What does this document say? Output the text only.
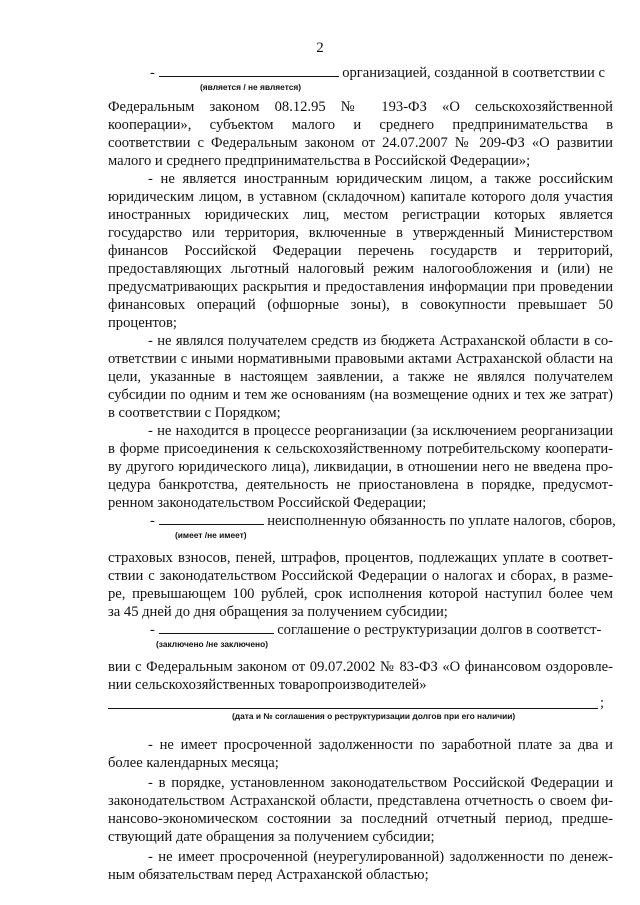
2
-	организацией, созданной в соответствии с
(является / не является)
Федеральным законом 08.12.95 № 193-ФЗ «О сельскохозяйственной
кооперации», субъектом малого и среднего предпринимательства в
соответствии с Федеральным законом от 24.07.2007 № 209-ФЗ «О развитии
малого и среднего предпринимательства в Российской Федерации»;
- не является иностранным юридическим лицом, а также российским
юридическим лицом, в уставном (складочном) капитале которого доля участия
иностранных юридических лиц, местом регистрации которых является
государство или территория, включенные в утвержденный Министерством
финансов Российской Федерации перечень государств и территорий,
предоставляющих льготный налоговый режим налогообложения и (или) не
предусматривающих раскрытия и предоставления информации при проведении
финансовых операций (офшорные зоны), в совокупности превышает 50
процентов;
- не являлся получателем средств из бюджета Астраханской области в со-
ответствии с иными нормативными правовыми актами Астраханской области на
цели, указанные в настоящем заявлении, а также не являлся получателем
субсидии по одним и тем же основаниям (на возмещение одних и тех же затрат)
в соответствии с Порядком;
- не находится в процессе реорганизации (за исключением реорганизации
в форме присоединения к сельскохозяйственному потребительскому кооперати-
ву другого юридического лица), ликвидации, в отношении него не введена про-
цедура банкротства, деятельность не приостановлена в порядке, предусмот-
ренном законодательством Российской Федерации;
-	неисполненную обязанность по уплате налогов, сборов,
(имеет /не имеет)
страховых взносов, пеней, штрафов, процентов, подлежащих уплате в соответ-
ствии с законодательством Российской Федерации о налогах и сборах, в разме-
ре, превышающем 100 рублей, срок исполнения которой наступил более чем
за 45 дней до дня обращения за получением субсидии;
-	соглашение о реструктуризации долгов в соответст-
(заключено /не заключено)
вии с Федеральным законом от 09.07.2002 № 83-ФЗ «О финансовом оздоровле-
нии сельскохозяйственных товаропроизводителей»
;
(дата и № соглашения о реструктуризации долгов при его наличии)
- не имеет просроченной задолженности по заработной плате за два и
более календарных месяца;
- в порядке, установленном законодательством Российской Федерации и
законодательством Астраханской области, представлена отчетность о своем фи-
нансово-экономическом состоянии за последний отчетный период, предше-
ствующий дате обращения за получением субсидии;
- не имеет просроченной (неурегулированной) задолженности по денеж-
ным обязательствам перед Астраханской областью;
